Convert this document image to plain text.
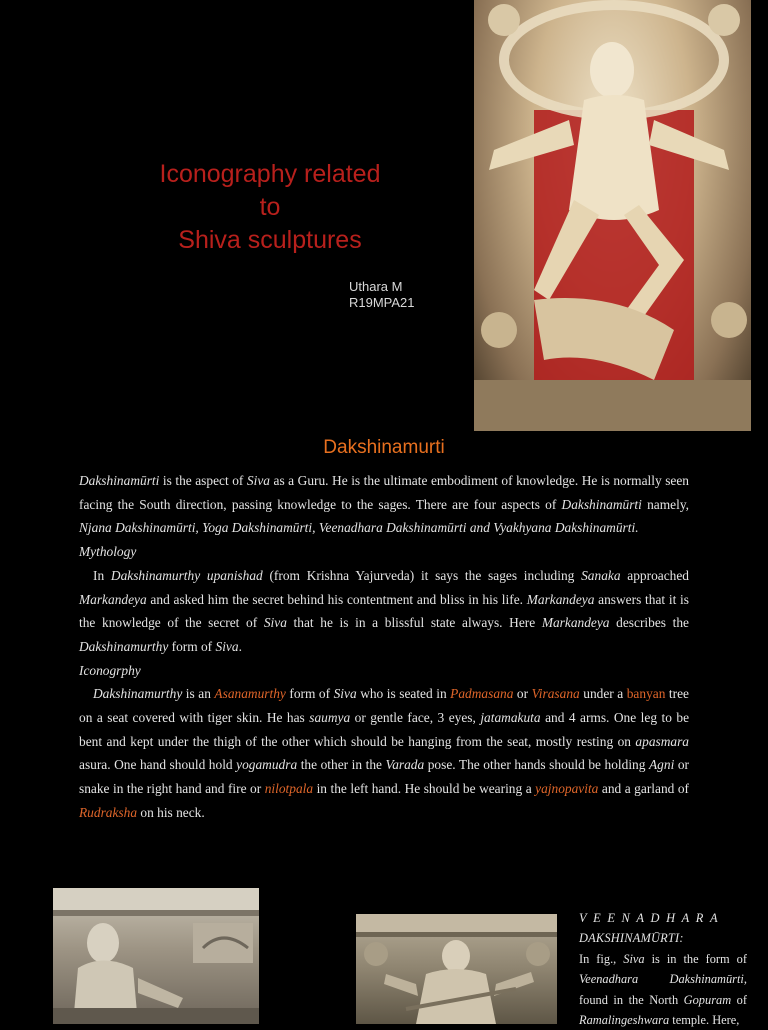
Iconography related
to
Shiva sculptures
Uthara M
R19MPA21
Dakshinamurti

Dakshinamūrti is the aspect of Siva as a Guru. He is the ultimate embodiment of knowledge. He is normally seen facing the South direction, passing knowledge to the sages. There are four aspects of Dakshinamūrti namely, Njana Dakshinamūrti, Yoga Dakshinamūrti, Veenadhara Dakshinamūrti and Vyakhyana Dakshinamūrti.

Mythology

In Dakshinamurthy upanishad (from Krishna Yajurveda) it says the sages including Sanaka approached Markandeya and asked him the secret behind his contentment and bliss in his life. Markandeya answers that it is the knowledge of the secret of Siva that he is in a blissful state always. Here Markandeya describes the Dakshinamurthy form of Siva.

Iconogrphy

Dakshinamurthy is an Asanamurthy form of Siva who is seated in Padmasana or Virasana under a banyan tree on a seat covered with tiger skin. He has saumya or gentle face, 3 eyes, jatamakuta and 4 arms. One leg to be bent and kept under the thigh of the other which should be hanging from the seat, mostly resting on apasmara asura. One hand should hold yogamudra the other in the Varada pose. The other hands should be holding Agni or snake in the right hand and fire or nilotpala in the left hand. He should be wearing a yajnopavita and a garland of Rudraksha on his neck.

VEENADHARA

DAKSHINAMŪRTI:

In fig., Siva is in the form of Veenadhara Dakshinamūrti, found in the North Gopuram of Ramalingeshwara temple. Here,
